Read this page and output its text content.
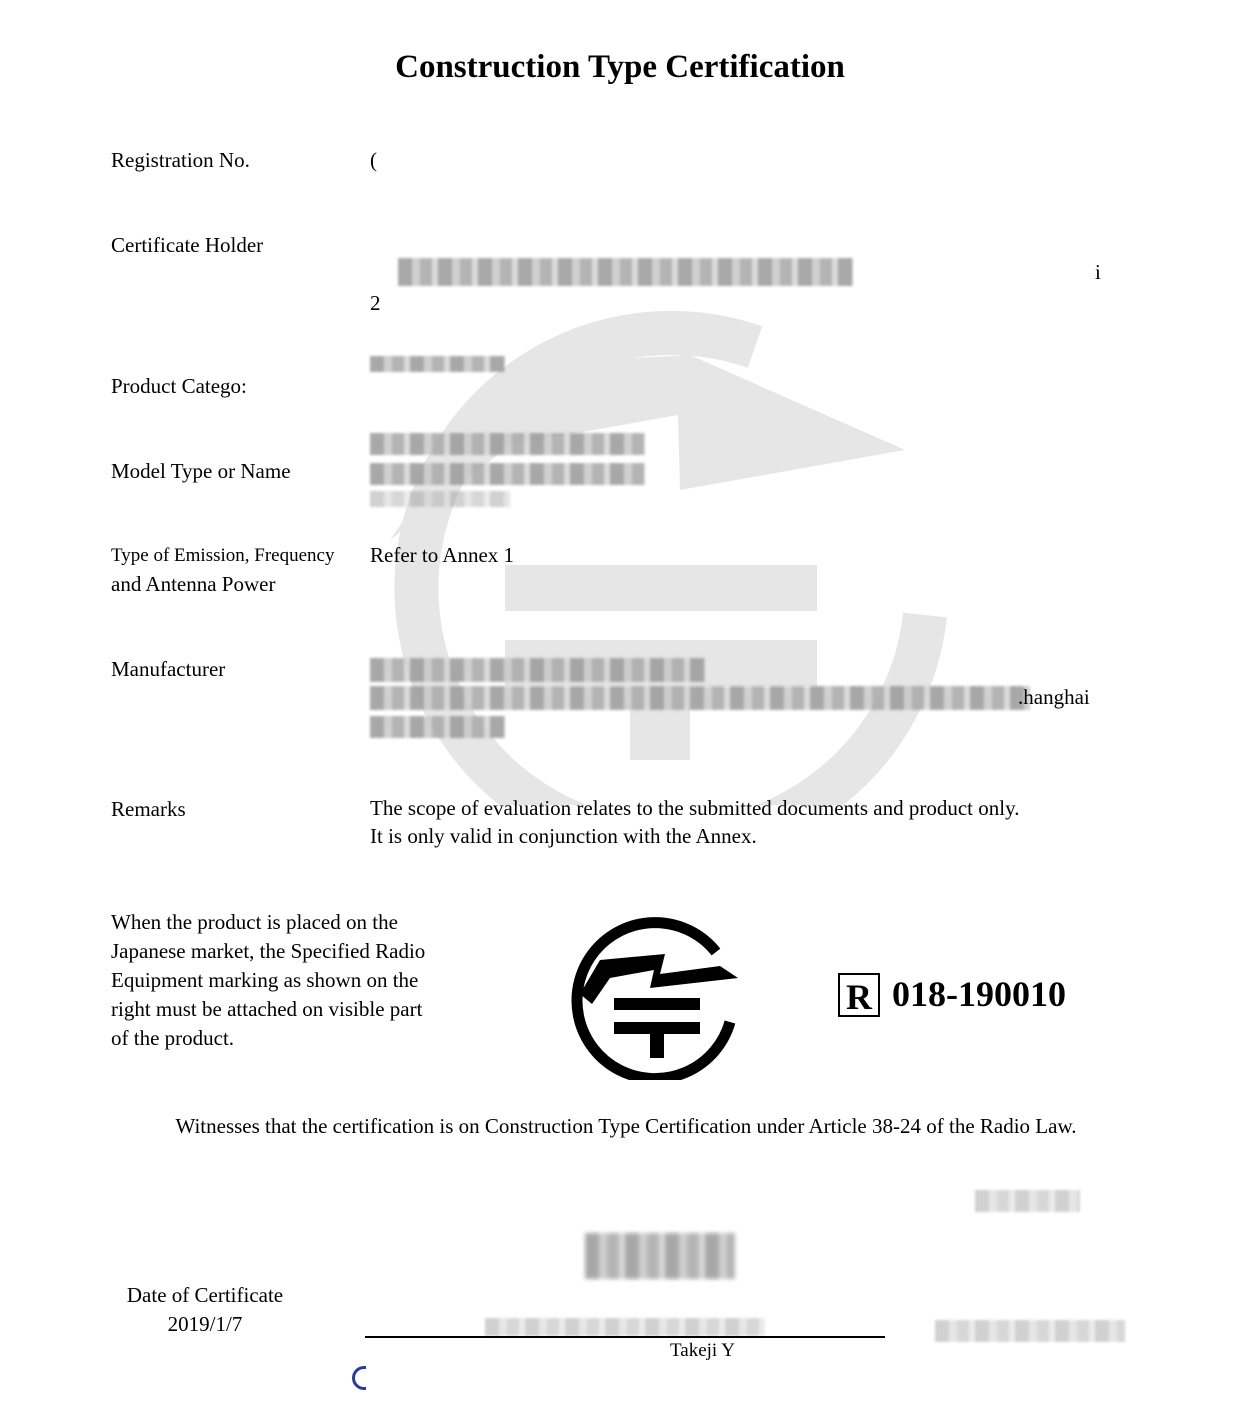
Construction Type Certification
Registration No.	(
Certificate Holder
i
2
Product Catego:
Model Type or Name
Type of Emission, Frequency
and Antenna Power
Refer to Annex 1
Manufacturer
.hanghai
Remarks	The scope of evaluation relates to the submitted documents and product only.
It is only valid in conjunction with the Annex.
When the product is placed on the
Japanese market, the Specified Radio
Equipment marking as shown on the
right must be attached on visible part
of the product.
R 018-190010
Witnesses that the certification is on Construction Type Certification under Article 38-24 of the Radio Law.
Date of Certificate
2019/1/7
Takeji Y
